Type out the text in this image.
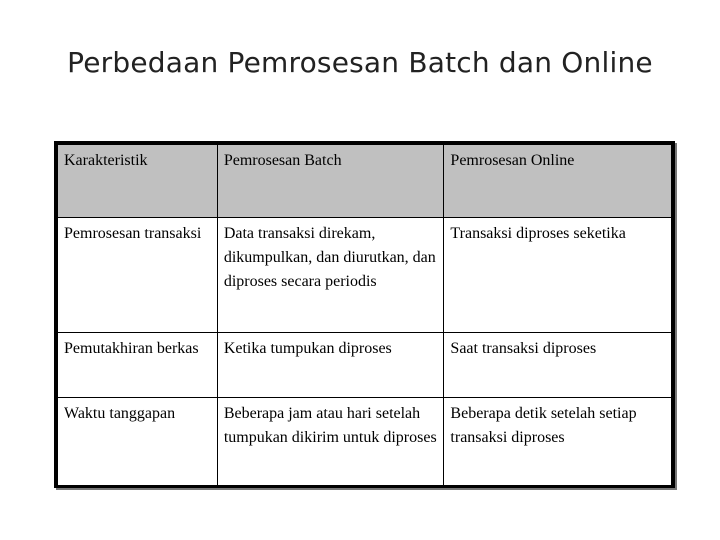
Perbedaan Pemrosesan Batch dan Online
Karakteristik	Pemrosesan Batch	Pemrosesan Online
Pemrosesan transaksi	Data transaksi direkam, dikumpulkan, dan diurutkan, dan diproses secara periodis	Transaksi diproses seketika
Pemutakhiran berkas	Ketika tumpukan diproses	Saat transaksi diproses
Waktu tanggapan	Beberapa jam atau hari setelah tumpukan dikirim untuk diproses	Beberapa detik setelah setiap transaksi diproses
